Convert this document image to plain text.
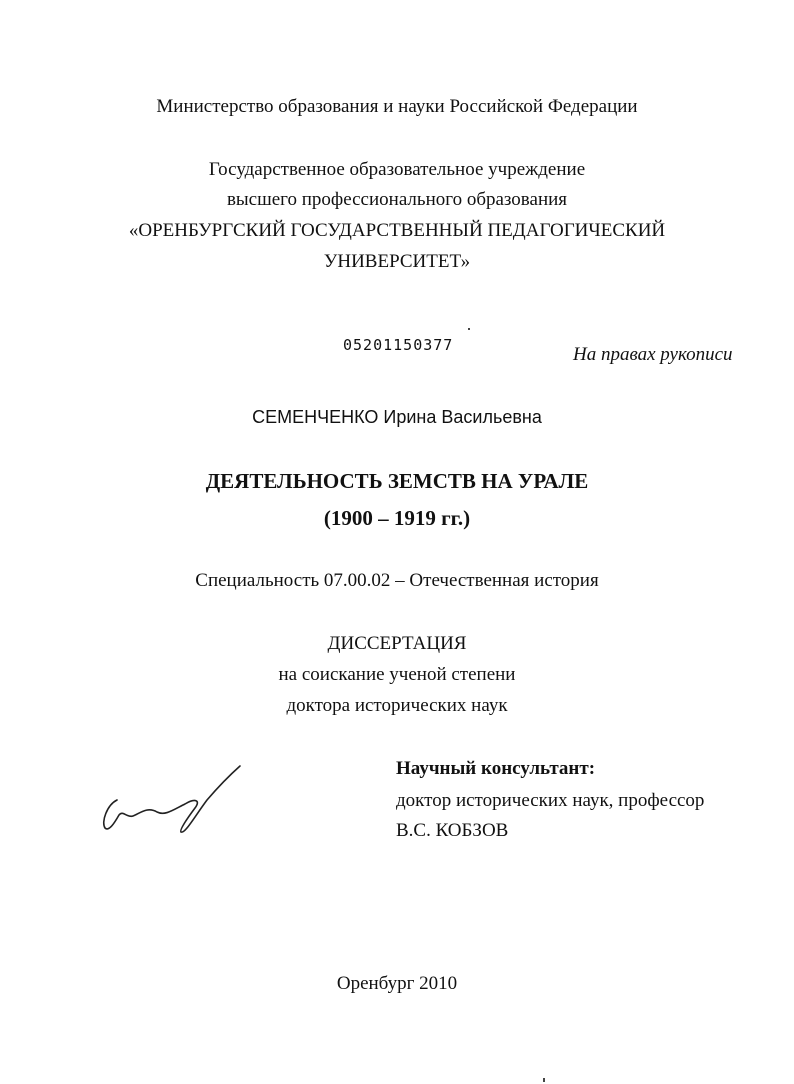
Министерство образования и науки Российской Федерации
Государственное образовательное учреждение
высшего профессионального образования
«ОРЕНБУРГСКИЙ ГОСУДАРСТВЕННЫЙ ПЕДАГОГИЧЕСКИЙ
УНИВЕРСИТЕТ»
05201150377	На правах рукописи
СЕМЕНЧЕНКО Ирина Васильевна
ДЕЯТЕЛЬНОСТЬ ЗЕМСТВ НА УРАЛЕ
(1900 – 1919 гг.)
Специальность 07.00.02 – Отечественная история
ДИССЕРТАЦИЯ
на соискание ученой степени
доктора исторических наук
Научный консультант:
доктор исторических наук, профессор
В.С. КОБЗОВ
Оренбург 2010
